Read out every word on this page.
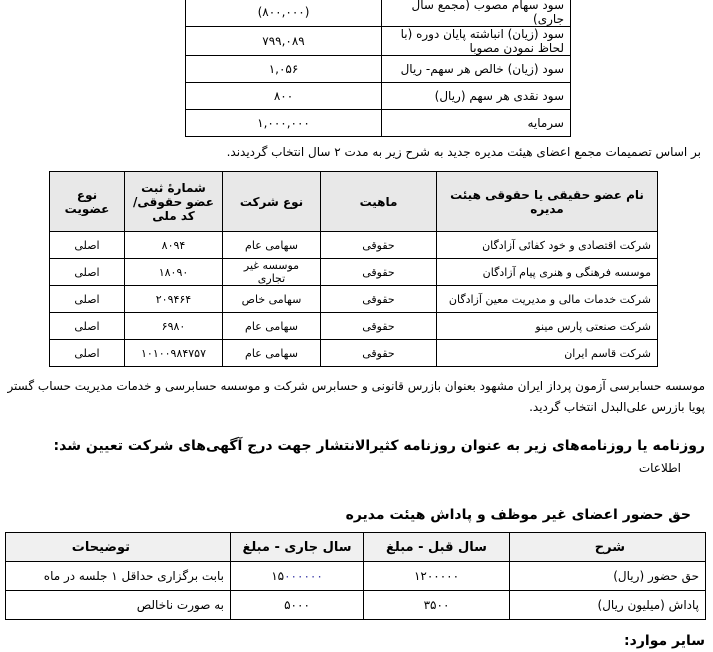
سود سهام مصوب (مجمع سال جاری)	(۸۰۰,۰۰۰)
سود (زیان) انباشته پایان دوره (با لحاظ نمودن مصوبا	۷۹۹,۰۸۹
سود (زیان) خالص هر سهم- ریال	۱,۰۵۶
سود نقدی هر سهم (ریال)	۸۰۰
سرمایه	۱,۰۰۰,۰۰۰
بر اساس تصمیمات مجمع اعضای هیئت مدیره جدید به شرح زیر به مدت ۲ سال انتخاب گردیدند.
نام عضو حقیقی یا حقوقی هیئت مدیره	ماهیت	نوع شرکت	شمارهٔ ثبت عضو حقوقی/کد ملی	نوع عضویت
شرکت اقتصادی و خود کفائی آزادگان	حقوقی	سهامی عام	۸۰۹۴	اصلی
موسسه فرهنگی و هنری پیام آزادگان	حقوقی	موسسه غیر تجاری	۱۸۰۹۰	اصلی
شرکت خدمات مالی و مدیریت معین آزادگان	حقوقی	سهامی خاص	۲۰۹۴۶۴	اصلی
شرکت صنعتی پارس مینو	حقوقی	سهامی عام	۶۹۸۰	اصلی
شرکت قاسم ایران	حقوقی	سهامی عام	۱۰۱۰۰۹۸۴۷۵۷	اصلی
موسسه حسابرسی آزمون پرداز ایران مشهود بعنوان بازرس قانونی و حسابرس شرکت و موسسه حسابرسی و خدمات مدیریت حساب گستر پویا بازرس علی‌البدل انتخاب گردید.
روزنامه یا روزنامه‌های زیر به عنوان روزنامه کثیرالانتشار جهت درج آگهی‌های شرکت تعیین شد:
اطلاعات
حق حضور اعضای غیر موظف و پاداش هیئت مدیره
شرح	سال قبل - مبلغ	سال جاری - مبلغ	توضیحات
حق حضور (ریال)	۱۲۰۰۰۰۰	۱۵۰۰۰۰۰۰	بابت برگزاری حداقل ۱ جلسه در ماه
پاداش (میلیون ریال)	۳۵۰۰	۵۰۰۰	به صورت ناخالص
سایر موارد:
